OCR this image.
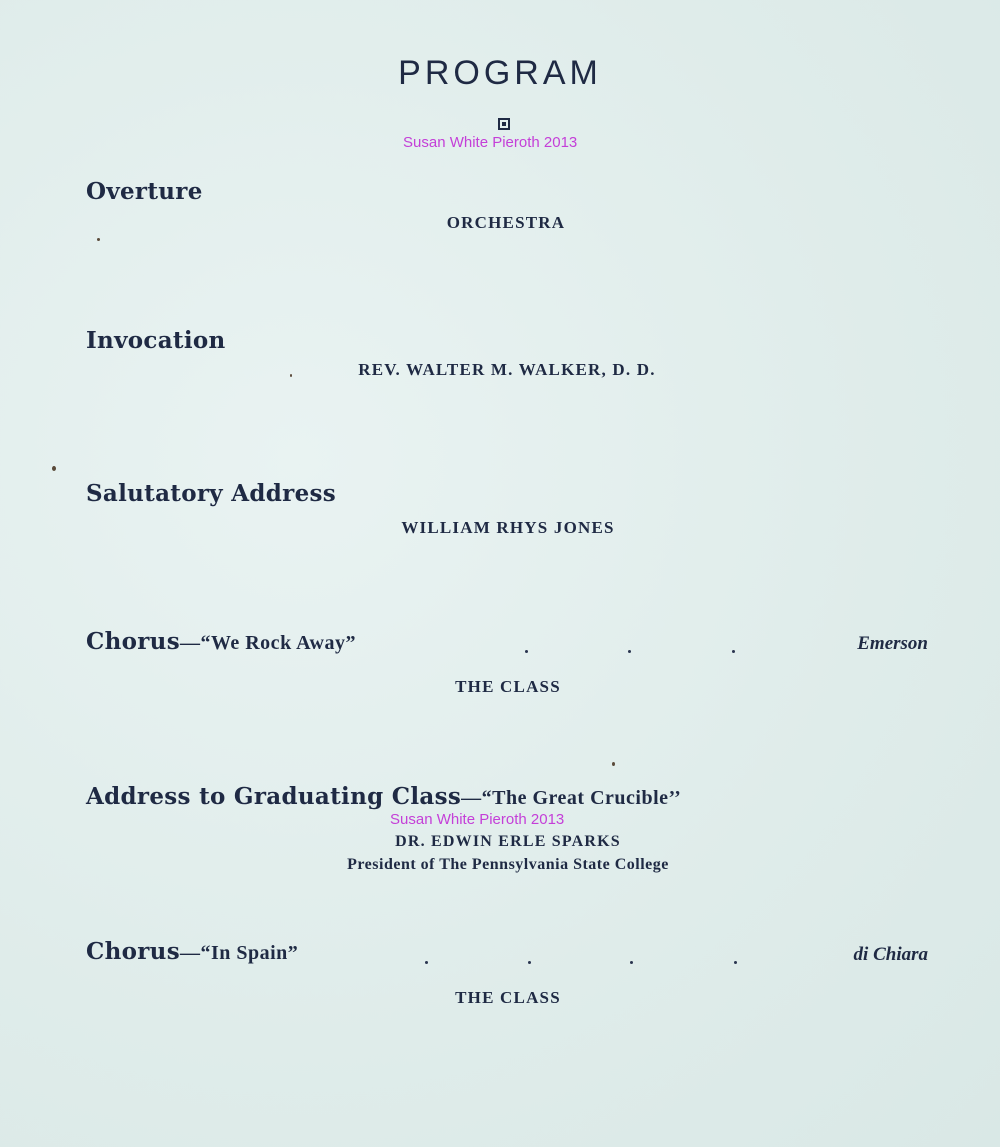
PROGRAM
Susan White Pieroth 2013
Overture
ORCHESTRA
Invocation
REV. WALTER M. WALKER, D. D.
Salutatory Address
WILLIAM RHYS JONES
Chorus—“We Rock Away”	Emerson
THE CLASS
Address to Graduating Class—“The Great Crucible’’
Susan White Pieroth 2013
DR. EDWIN ERLE SPARKS
President of The Pennsylvania State College
Chorus—“In Spain”	di Chiara
THE CLASS
